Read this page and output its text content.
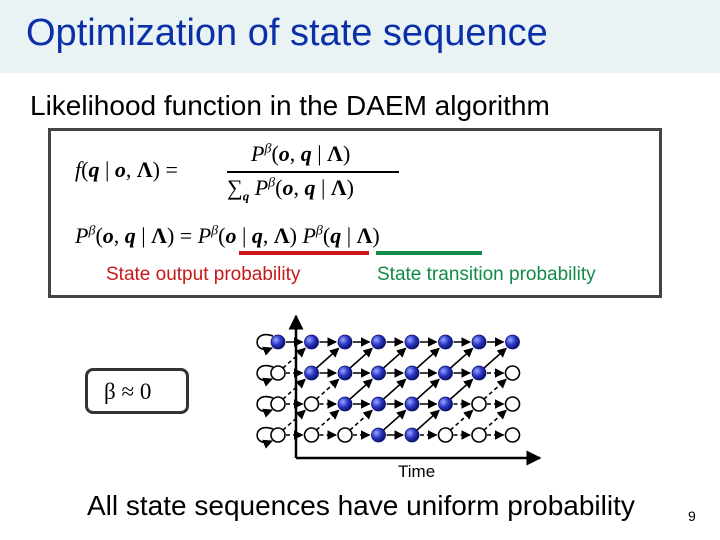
Optimization of state sequence
Likelihood function in the DAEM algorithm
f(q | o, Λ) =
$P^\beta(o$, q | Λ)
$\sum_q$ $P^\beta(o$, q | Λ)
$P^\beta(o$, q | $\Lambda) = P^\beta(o$ | q, Λ) $P^\beta(q$ | Λ)
State output probability	State transition probability
β ≈ 0
Time
All state sequences have uniform probability	9
